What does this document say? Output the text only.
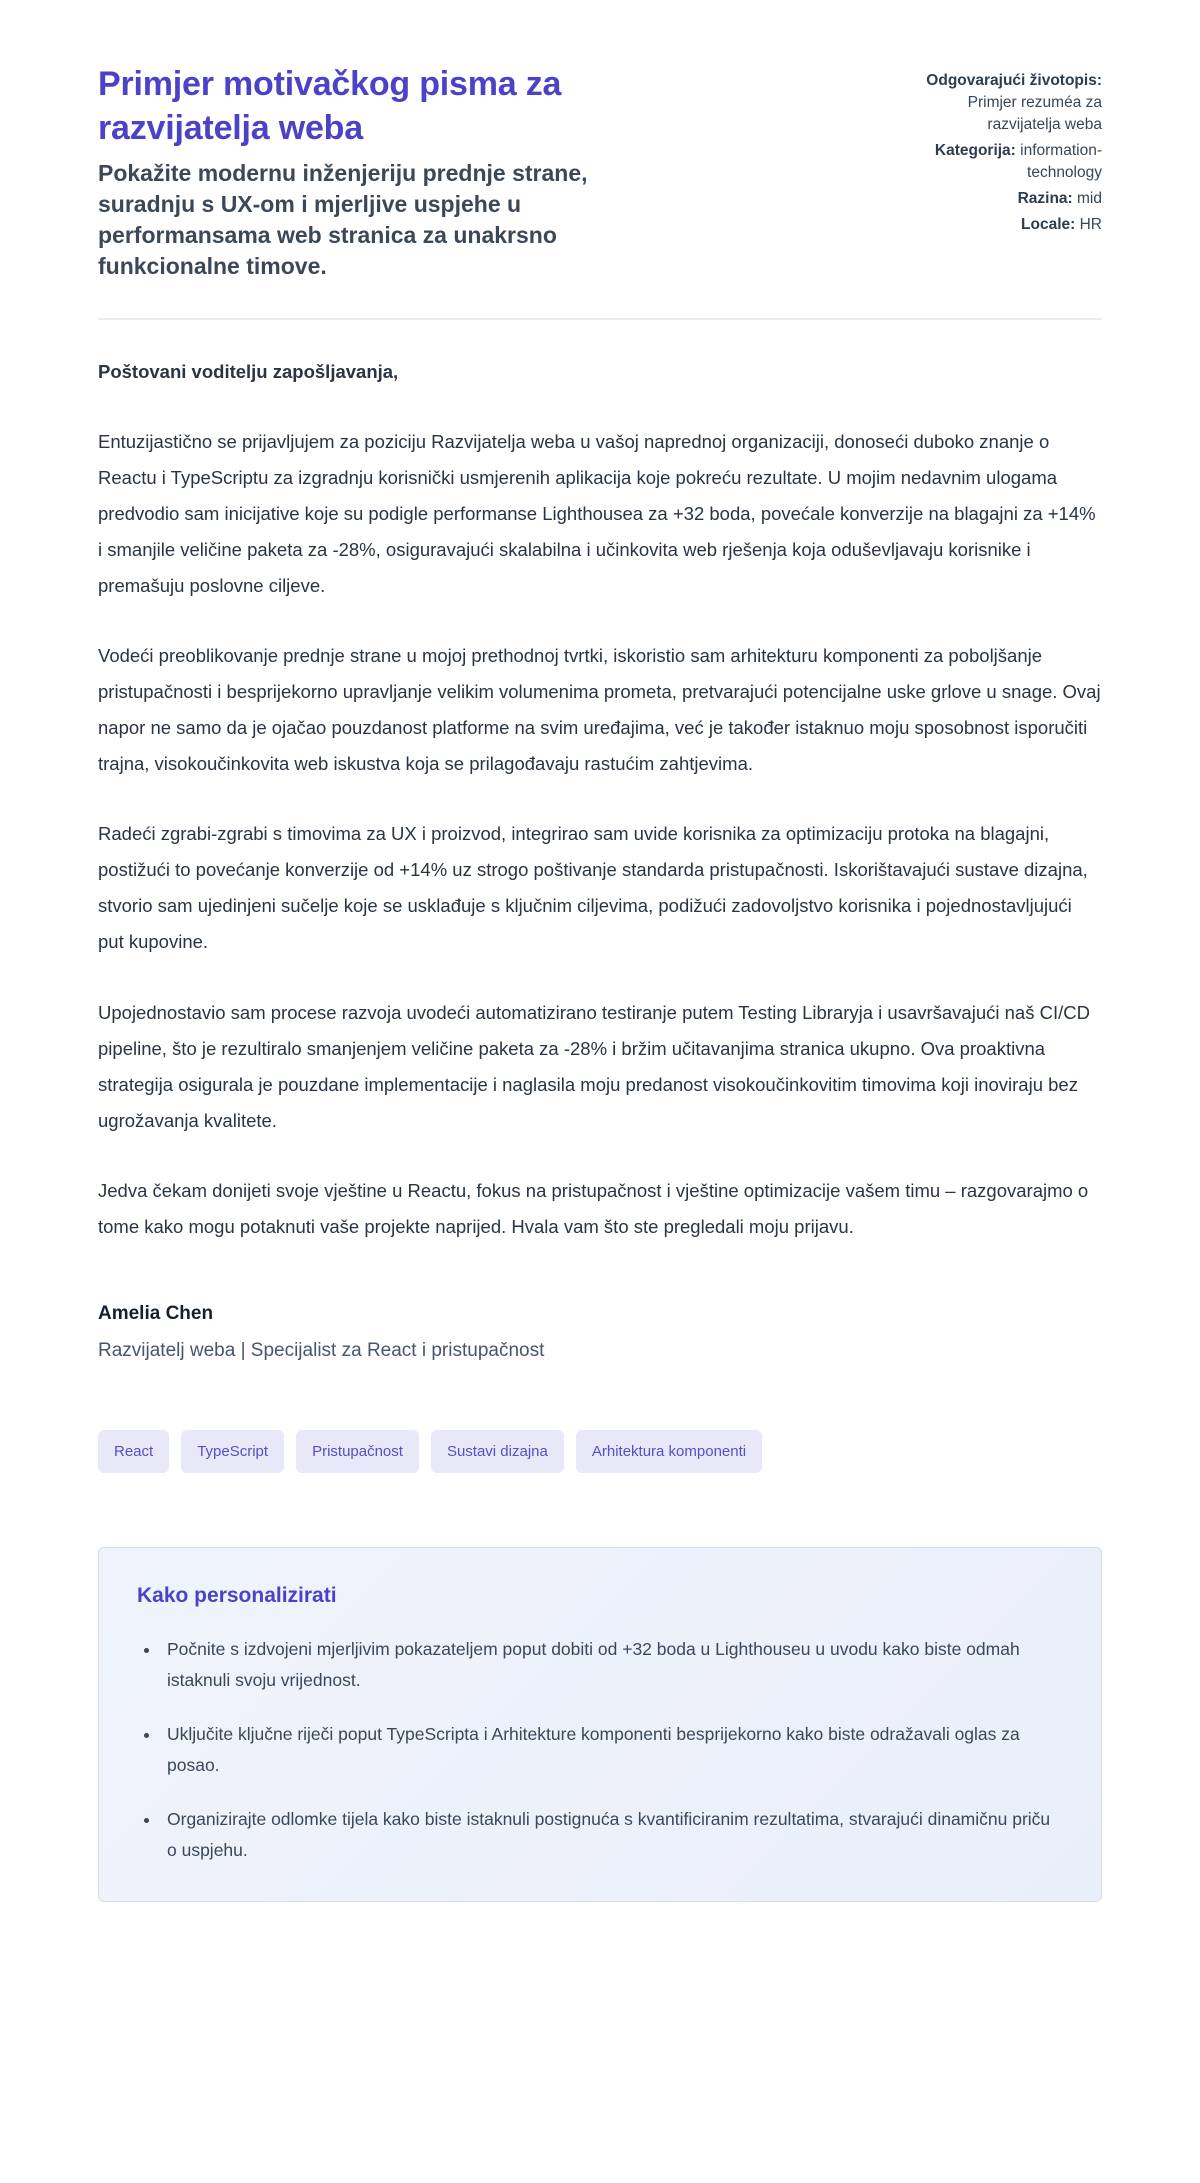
Primjer motivačkog pisma za razvijatelja weba

Pokažite modernu inženjeriju prednje strane, suradnju s UX-om i mjerljive uspjehe u performansama web stranica za unakrsno funkcionalne timove.

Odgovarajući životopis: Primjer rezuméa za razvijatelja weba
Kategorija: information-technology
Razina: mid
Locale: HR

Poštovani voditelju zapošljavanja,

Entuzijastično se prijavljujem za poziciju Razvijatelja weba u vašoj naprednoj organizaciji, donoseći duboko znanje o Reactu i TypeScriptu za izgradnju korisnički usmjerenih aplikacija koje pokreću rezultate. U mojim nedavnim ulogama predvodio sam inicijative koje su podigle performanse Lighthousea za +32 boda, povećale konverzije na blagajni za +14% i smanjile veličine paketa za -28%, osiguravajući skalabilna i učinkovita web rješenja koja oduševljavaju korisnike i premašuju poslovne ciljeve.

Vodeći preoblikovanje prednje strane u mojoj prethodnoj tvrtki, iskoristio sam arhitekturu komponenti za poboljšanje pristupačnosti i besprijekorno upravljanje velikim volumenima prometa, pretvarajući potencijalne uske grlove u snage. Ovaj napor ne samo da je ojačao pouzdanost platforme na svim uređajima, već je također istaknuo moju sposobnost isporučiti trajna, visokoučinkovita web iskustva koja se prilagođavaju rastućim zahtjevima.

Radeći zgrabi-zgrabi s timovima za UX i proizvod, integrirao sam uvide korisnika za optimizaciju protoka na blagajni, postižući to povećanje konverzije od +14% uz strogo poštivanje standarda pristupačnosti. Iskorištavajući sustave dizajna, stvorio sam ujedinjeni sučelje koje se usklađuje s ključnim ciljevima, podižući zadovoljstvo korisnika i pojednostavljujući put kupovine.

Upojednostavio sam procese razvoja uvodeći automatizirano testiranje putem Testing Libraryja i usavršavajući naš CI/CD pipeline, što je rezultiralo smanjenjem veličine paketa za -28% i bržim učitavanjima stranica ukupno. Ova proaktivna strategija osigurala je pouzdane implementacije i naglasila moju predanost visokoučinkovitim timovima koji inoviraju bez ugrožavanja kvalitete.

Jedva čekam donijeti svoje vještine u Reactu, fokus na pristupačnost i vještine optimizacije vašem timu – razgovarajmo o tome kako mogu potaknuti vaše projekte naprijed. Hvala vam što ste pregledali moju prijavu.

Amelia Chen
Razvijatelj weba | Specijalist za React i pristupačnost
React	TypeScript	Pristupačnost	Sustavi dizajna	Arhitektura komponenti
Kako personalizirati
• Počnite s izdvojeni mjerljivim pokazateljem poput dobiti od +32 boda u Lighthouseu u uvodu kako biste odmah istaknuli svoju vrijednost.
• Uključite ključne riječi poput TypeScripta i Arhitekture komponenti besprijekorno kako biste odražavali oglas za posao.
• Organizirajte odlomke tijela kako biste istaknuli postignuća s kvantificiranim rezultatima, stvarajući dinamičnu priču o uspjehu.
